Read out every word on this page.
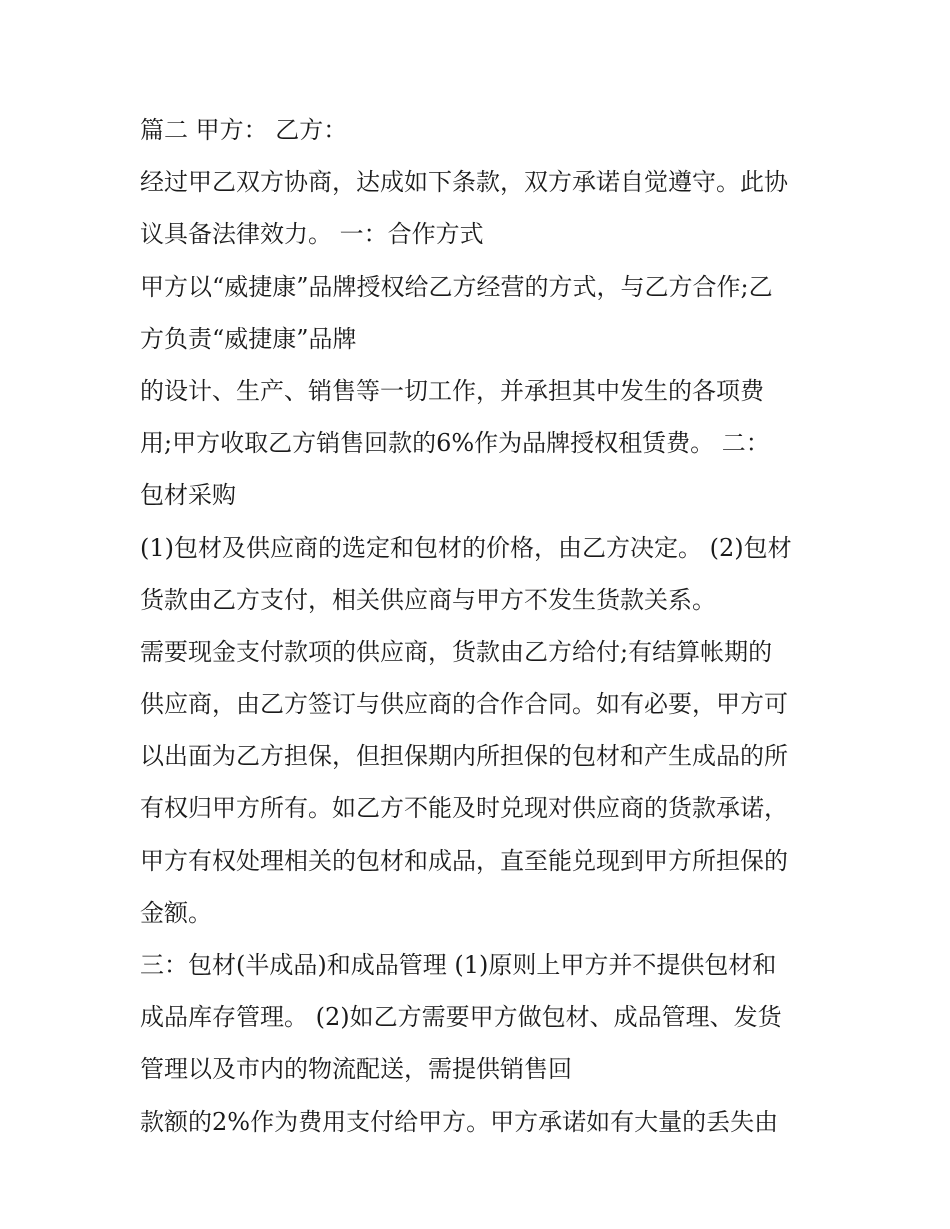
篇二 甲方： 乙方：
经过甲乙双方协商，达成如下条款，双方承诺自觉遵守。此协
议具备法律效力。 一：合作方式
甲方以“威捷康”品牌授权给乙方经营的方式，与乙方合作;乙
方负责“威捷康”品牌
的设计、生产、销售等一切工作，并承担其中发生的各项费
用;甲方收取乙方销售回款的6%作为品牌授权租赁费。 二：
包材采购
(1)包材及供应商的选定和包材的价格，由乙方决定。 (2)包材
货款由乙方支付，相关供应商与甲方不发生货款关系。
需要现金支付款项的供应商，货款由乙方给付;有结算帐期的
供应商，由乙方签订与供应商的合作合同。如有必要，甲方可
以出面为乙方担保，但担保期内所担保的包材和产生成品的所
有权归甲方所有。如乙方不能及时兑现对供应商的货款承诺，
甲方有权处理相关的包材和成品，直至能兑现到甲方所担保的
金额。
三：包材(半成品)和成品管理 (1)原则上甲方并不提供包材和
成品库存管理。 (2)如乙方需要甲方做包材、成品管理、发货
管理以及市内的物流配送，需提供销售回
款额的2%作为费用支付给甲方。甲方承诺如有大量的丢失由
